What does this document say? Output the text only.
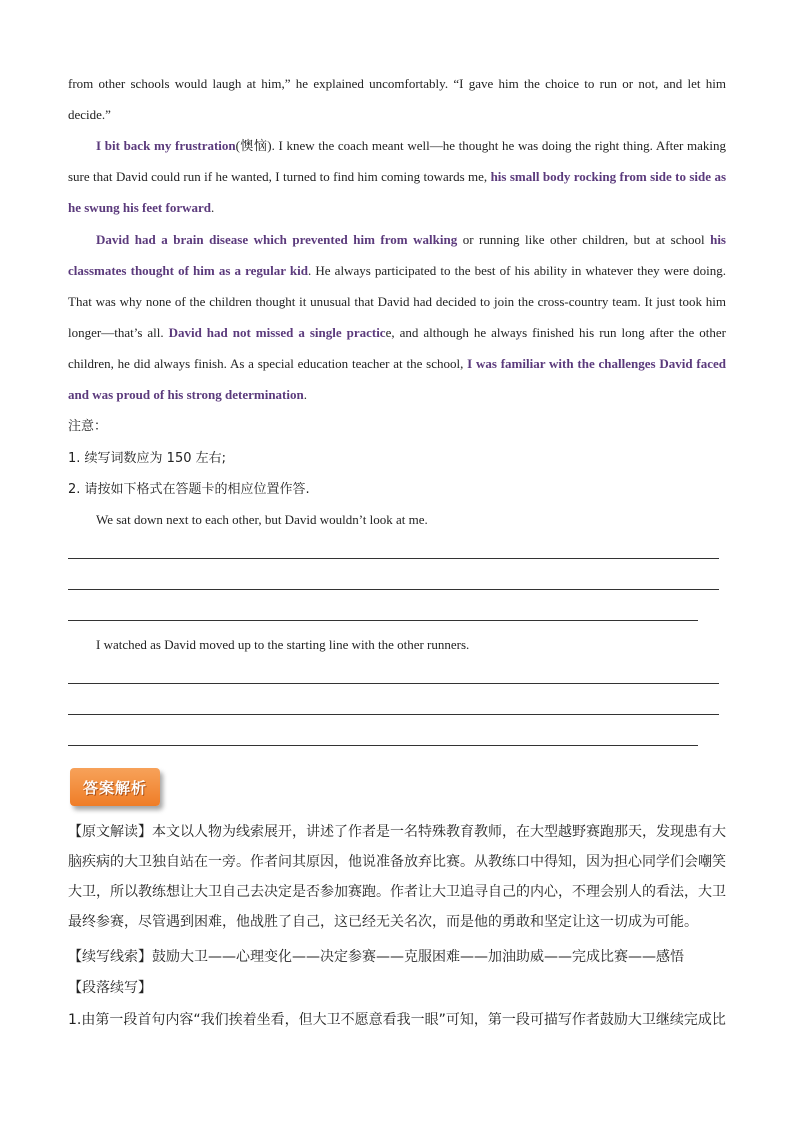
from other schools would laugh at him,” he explained uncomfortably. “I gave him the choice to run or not, and let him decide.”

I bit back my frustration(懊恼). I knew the coach meant well—he thought he was doing the right thing. After making sure that David could run if he wanted, I turned to find him coming towards me, his small body rocking from side to side as he swung his feet forward.

David had a brain disease which prevented him from walking or running like other children, but at school his classmates thought of him as a regular kid. He always participated to the best of his ability in whatever they were doing. That was why none of the children thought it unusual that David had decided to join the cross-country team. It just took him longer—that’s all. David had not missed a single practice, and although he always finished his run long after the other children, he did always finish. As a special education teacher at the school, I was familiar with the challenges David faced and was proud of his strong determination.

注意：

1. 续写词数应为 150 左右;

2. 请按如下格式在答题卡的相应位置作答.

We sat down next to each other, but David wouldn’t look at me.
I watched as David moved up to the starting line with the other runners.
答案解析

【原文解读】本文以人物为线索展开，讲述了作者是一名特殊教育教师，在大型越野赛跑那天，发现患有大脑疾病的大卫独自站在一旁。作者问其原因，他说准备放弃比赛。从教练口中得知，因为担心同学们会嘲笑大卫，所以教练想让大卫自己去决定是否参加赛跑。作者让大卫追寻自己的内心，不理会别人的看法，大卫最终参赛，尽管遇到困难，他战胜了自己，这已经无关名次，而是他的勇敢和坚定让这一切成为可能。

【续写线索】鼓励大卫——心理变化——决定参赛——克服困难——加油助威——完成比赛——感悟

【段落续写】

1.由第一段首句内容“我们挨着坐看，但大卫不愿意看我一眼”可知，第一段可描写作者鼓励大卫继续完成比
